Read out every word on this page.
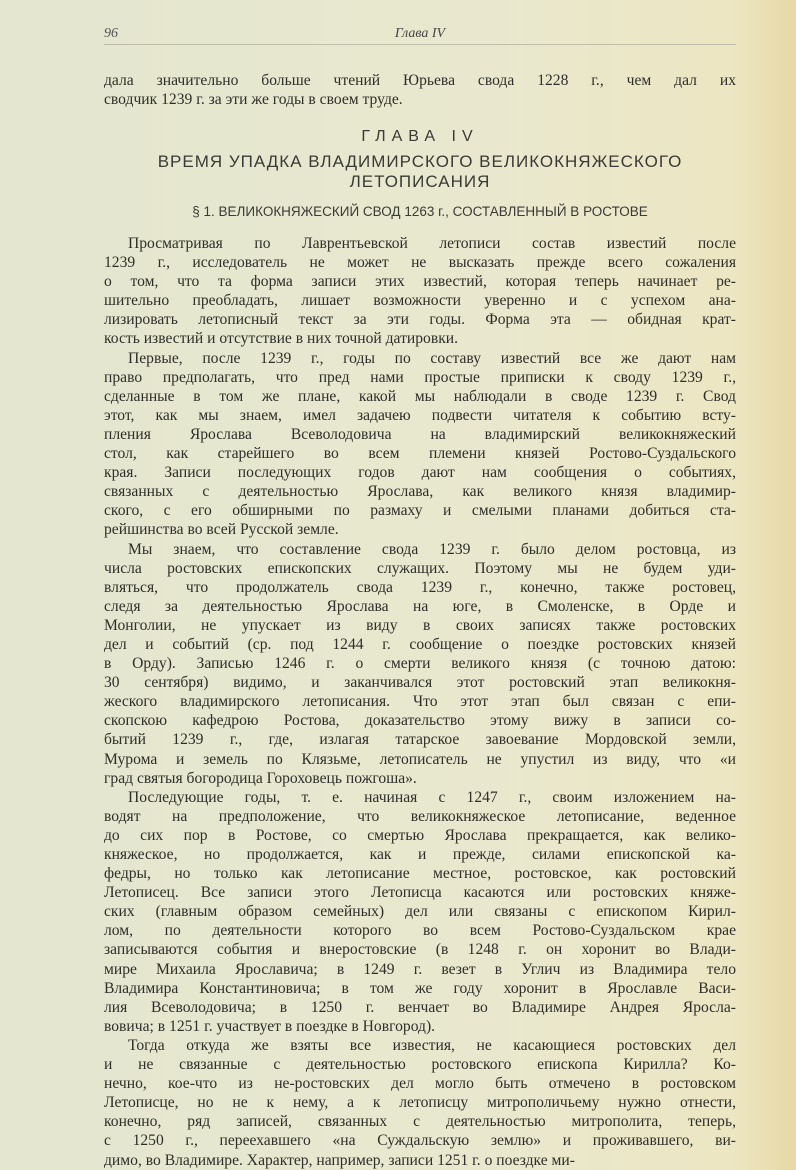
96	Глава IV
дала значительно больше чтений Юрьева свода 1228 г., чем дал их
сводчик 1239 г. за эти же годы в своем труде.
ГЛАВА IV
ВРЕМЯ УПАДКА ВЛАДИМИРСКОГО ВЕЛИКОКНЯЖЕСКОГО
ЛЕТОПИСАНИЯ
§ 1. ВЕЛИКОКНЯЖЕСКИЙ СВОД 1263 г., СОСТАВЛЕННЫЙ В РОСТОВЕ
Просматривая по Лаврентьевской летописи состав известий после
1239 г., исследователь не может не высказать прежде всего сожаления
о том, что та форма записи этих известий, которая теперь начинает ре-
шительно преобладать, лишает возможности уверенно и с успехом ана-
лизировать летописный текст за эти годы. Форма эта — обидная крат-
кость известий и отсутствие в них точной датировки.
Первые, после 1239 г., годы по составу известий все же дают нам
право предполагать, что пред нами простые приписки к своду 1239 г.,
сделанные в том же плане, какой мы наблюдали в своде 1239 г. Свод
этот, как мы знаем, имел задачею подвести читателя к событию всту-
пления Ярослава Всеволодовича на владимирский великокняжеский
стол, как старейшего во всем племени князей Ростово-Суздальского
края. Записи последующих годов дают нам сообщения о событиях,
связанных с деятельностью Ярослава, как великого князя владимир-
ского, с его обширными по размаху и смелыми планами добиться ста-
рейшинства во всей Русской земле.
Мы знаем, что составление свода 1239 г. было делом ростовца, из
числа ростовских епископских служащих. Поэтому мы не будем уди-
вляться, что продолжатель свода 1239 г., конечно, также ростовец,
следя за деятельностью Ярослава на юге, в Смоленске, в Орде и
Монголии, не упускает из виду в своих записях также ростовских
дел и событий (ср. под 1244 г. сообщение о поездке ростовских князей
в Орду). Записью 1246 г. о смерти великого князя (с точною датою:
30 сентября) видимо, и заканчивался этот ростовский этап великокня-
жеского владимирского летописания. Что этот этап был связан с епи-
скопскою кафедрою Ростова, доказательство этому вижу в записи со-
бытий 1239 г., где, излагая татарское завоевание Мордовской земли,
Мурома и земель по Клязьме, летописатель не упустил из виду, что «и
град святыя богородица Гороховець пожгоша».
Последующие годы, т. е. начиная с 1247 г., своим изложением на-
водят на предположение, что великокняжеское летописание, веденное
до сих пор в Ростове, со смертью Ярослава прекращается, как велико-
княжеское, но продолжается, как и прежде, силами епископской ка-
федры, но только как летописание местное, ростовское, как ростовский
Летописец. Все записи этого Летописца касаются или ростовских княже-
ских (главным образом семейных) дел или связаны с епископом Кирил-
лом, по деятельности которого во всем Ростово-Суздальском крае
записываются события и внеростовские (в 1248 г. он хоронит во Влади-
мире Михаила Ярославича; в 1249 г. везет в Углич из Владимира тело
Владимира Константиновича; в том же году хоронит в Ярославле Васи-
лия Всеволодовича; в 1250 г. венчает во Владимире Андрея Яросла-
вовича; в 1251 г. участвует в поездке в Новгород).
Тогда откуда же взяты все известия, не касающиеся ростовских дел
и не связанные с деятельностью ростовского епископа Кирилла? Ко-
нечно, кое-что из не-ростовских дел могло быть отмечено в ростовском
Летописце, но не к нему, а к летописцу митрополичьему нужно отнести,
конечно, ряд записей, связанных с деятельностью митрополита, теперь,
с 1250 г., переехавшего «на Суждальскую землю» и проживавшего, ви-
димо, во Владимире. Характер, например, записи 1251 г. о поездке ми-
